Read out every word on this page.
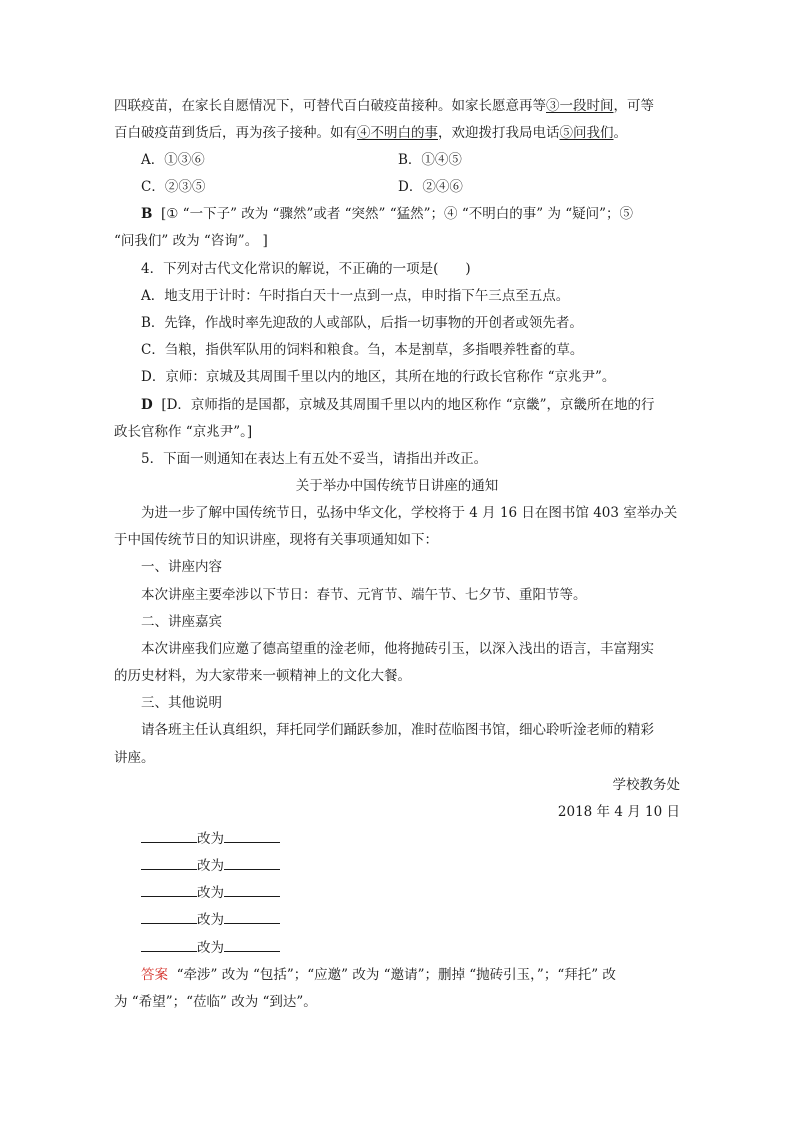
四联疫苗，在家长自愿情况下，可替代百白破疫苗接种。如家长愿意再等③一段时间，可等
百白破疫苗到货后，再为孩子接种。如有④不明白的事，欢迎拨打我局电话⑤问我们。
A．①③⑥	B．①④⑤
C．②③⑤	D．②④⑥
B [① “一下子” 改为 “骤然”或者 “突然” “猛然”；④ “不明白的事” 为 “疑问”；⑤
“问我们” 改为 “咨询”。 ]
4．下列对古代文化常识的解说，不正确的一项是(　　)
A．地支用于计时：午时指白天十一点到一点，申时指下午三点至五点。
B．先锋，作战时率先迎敌的人或部队，后指一切事物的开创者或领先者。
C．刍粮，指供军队用的饲料和粮食。刍，本是割草，多指喂养牲畜的草。
D．京师：京城及其周围千里以内的地区，其所在地的行政长官称作 “京兆尹”。
D [D．京师指的是国都，京城及其周围千里以内的地区称作 “京畿”，京畿所在地的行
政长官称作 “京兆尹”。]
5．下面一则通知在表达上有五处不妥当，请指出并改正。
关于举办中国传统节日讲座的通知
为进一步了解中国传统节日，弘扬中华文化，学校将于 4 月 16 日在图书馆 403 室举办关
于中国传统节日的知识讲座，现将有关事项通知如下：
一、讲座内容
本次讲座主要牵涉以下节日：春节、元宵节、端午节、七夕节、重阳节等。
二、讲座嘉宾
本次讲座我们应邀了德高望重的淦老师，他将抛砖引玉，以深入浅出的语言，丰富翔实
的历史材料，为大家带来一顿精神上的文化大餐。
三、其他说明
请各班主任认真组织，拜托同学们踊跃参加，准时莅临图书馆，细心聆听淦老师的精彩
讲座。
学校教务处
2018 年 4 月 10 日
改为
改为
改为
改为
改为
答案 “牵涉” 改为 “包括”；“应邀” 改为 “邀请”；删掉 “抛砖引玉，”；“拜托” 改
为 “希望”；“莅临” 改为 “到达”。
